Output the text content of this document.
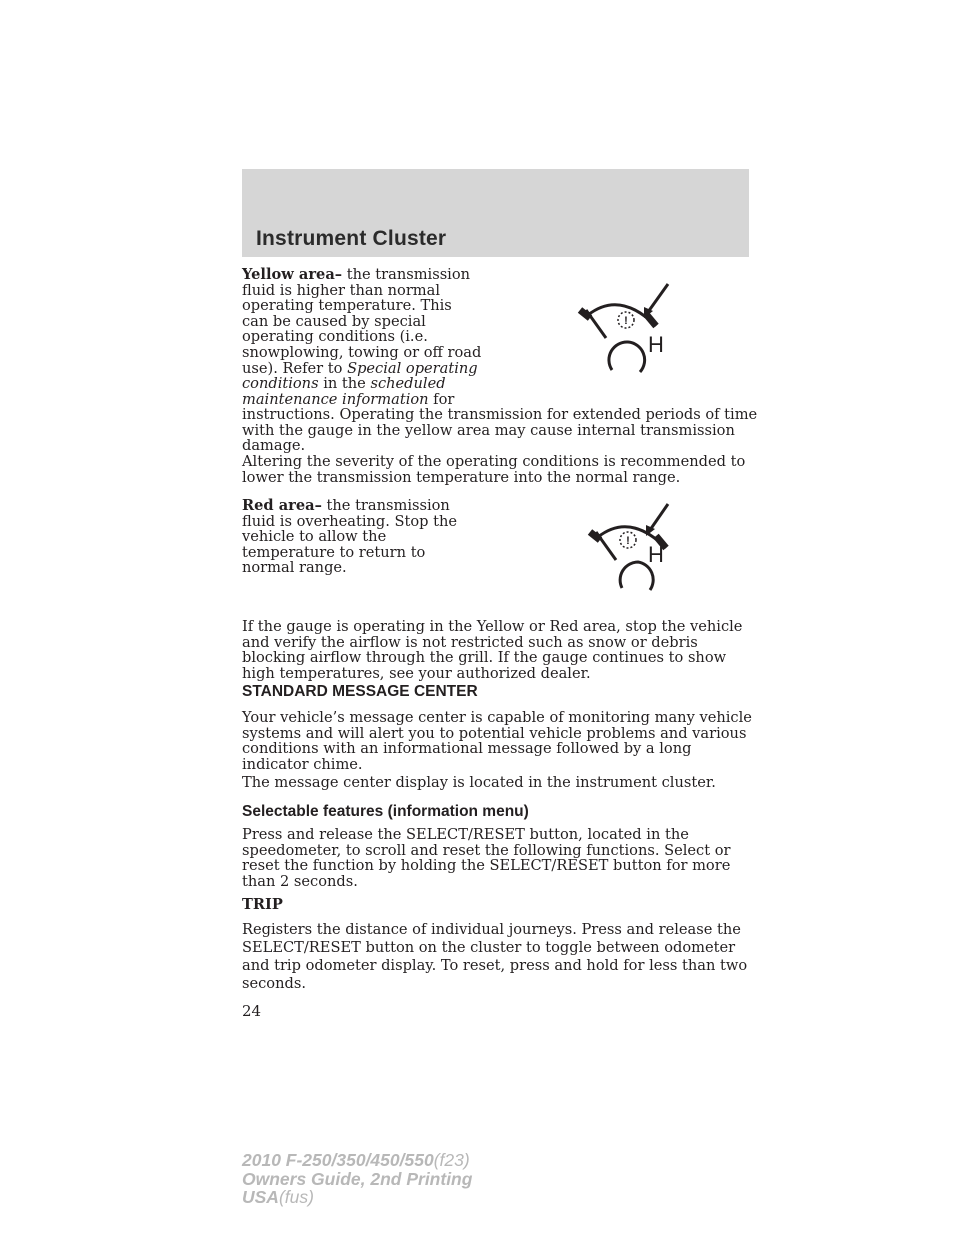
Instrument Cluster

Yellow area– the transmission fluid is higher than normal operating temperature. This can be caused by special operating conditions (i.e. snowplowing, towing or off road use). Refer to Special operating conditions in the scheduled maintenance information for

instructions. Operating the transmission for extended periods of time with the gauge in the yellow area may cause internal transmission damage.

Altering the severity of the operating conditions is recommended to lower the transmission temperature into the normal range.

Red area– the transmission fluid is overheating. Stop the vehicle to allow the temperature to return to normal range.

!
H
!
H

If the gauge is operating in the Yellow or Red area, stop the vehicle and verify the airflow is not restricted such as snow or debris blocking airflow through the grill. If the gauge continues to show high temperatures, see your authorized dealer.

STANDARD MESSAGE CENTER

Your vehicle’s message center is capable of monitoring many vehicle systems and will alert you to potential vehicle problems and various conditions with an informational message followed by a long indicator chime.

The message center display is located in the instrument cluster.

Selectable features (information menu)

Press and release the SELECT/RESET button, located in the speedometer, to scroll and reset the following functions. Select or reset the function by holding the SELECT/RESET button for more than 2 seconds.

TRIP

Registers the distance of individual journeys. Press and release the SELECT/RESET button on the cluster to toggle between odometer and trip odometer display. To reset, press and hold for less than two seconds.

24
2010 F-250/350/450/550(f23)
Owners Guide, 2nd Printing
USA(fus)
